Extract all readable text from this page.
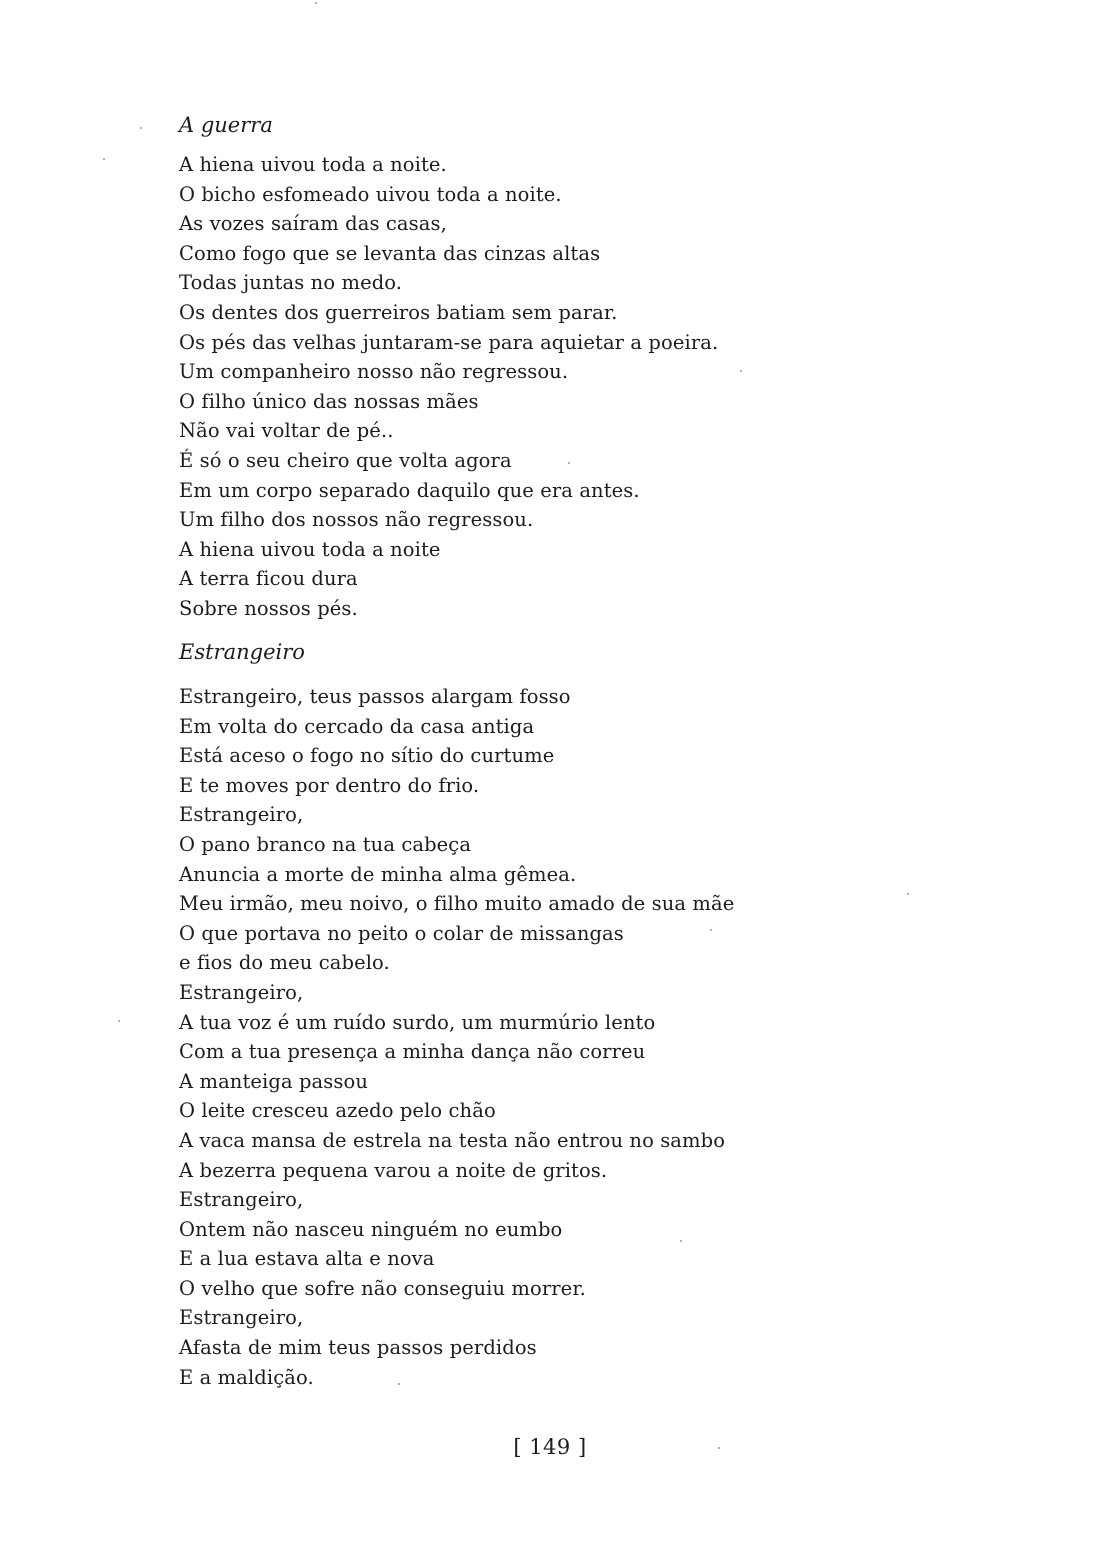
A guerra
A hiena uivou toda a noite.
O bicho esfomeado uivou toda a noite.
As vozes saíram das casas,
Como fogo que se levanta das cinzas altas
Todas juntas no medo.
Os dentes dos guerreiros batiam sem parar.
Os pés das velhas juntaram-se para aquietar a poeira.
Um companheiro nosso não regressou.
O filho único das nossas mães
Não vai voltar de pé..
É só o seu cheiro que volta agora
Em um corpo separado daquilo que era antes.
Um filho dos nossos não regressou.
A hiena uivou toda a noite
A terra ficou dura
Sobre nossos pés.
Estrangeiro
Estrangeiro, teus passos alargam fosso
Em volta do cercado da casa antiga
Está aceso o fogo no sítio do curtume
E te moves por dentro do frio.
Estrangeiro,
O pano branco na tua cabeça
Anuncia a morte de minha alma gêmea.
Meu irmão, meu noivo, o filho muito amado de sua mãe
O que portava no peito o colar de missangas
e fios do meu cabelo.
Estrangeiro,
A tua voz é um ruído surdo, um murmúrio lento
Com a tua presença a minha dança não correu
A manteiga passou
O leite cresceu azedo pelo chão
A vaca mansa de estrela na testa não entrou no sambo
A bezerra pequena varou a noite de gritos.
Estrangeiro,
Ontem não nasceu ninguém no eumbo
E a lua estava alta e nova
O velho que sofre não conseguiu morrer.
Estrangeiro,
Afasta de mim teus passos perdidos
E a maldição.
[ 149 ]
